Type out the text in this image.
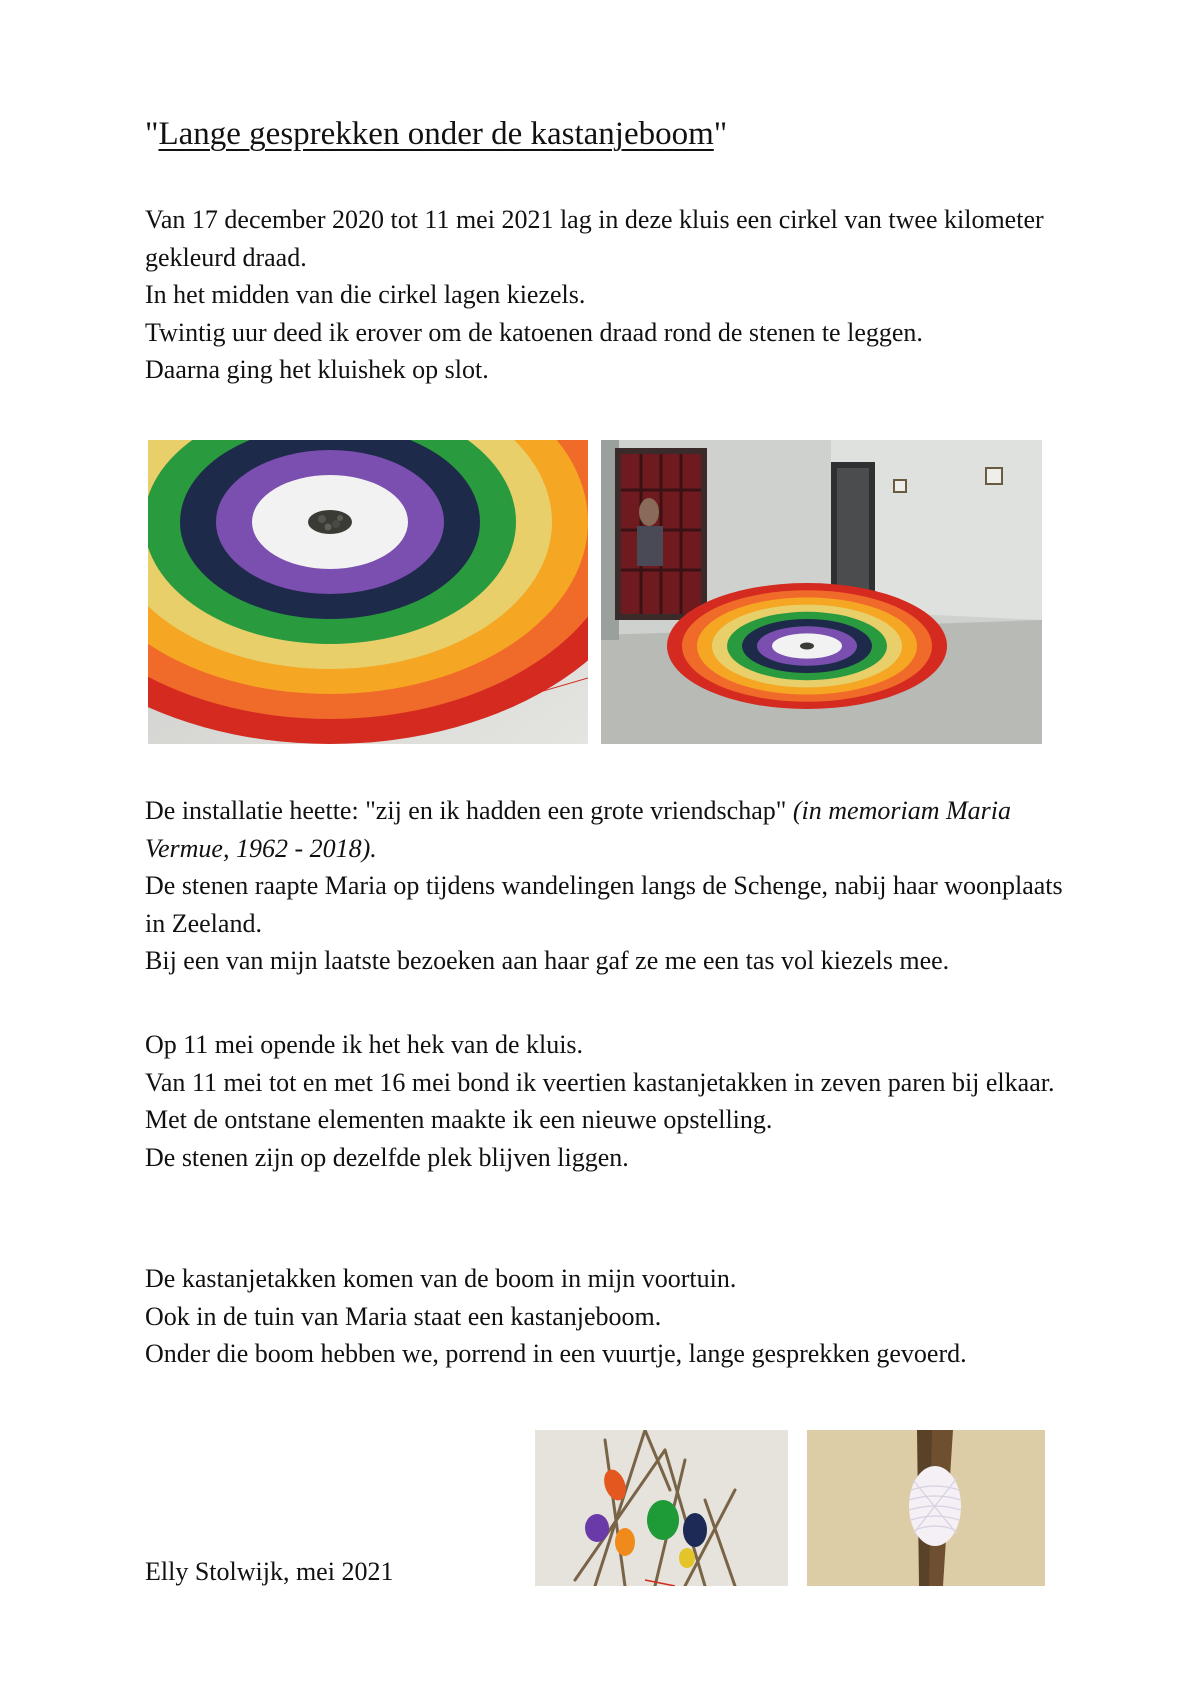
"Lange gesprekken onder de kastanjeboom"

Van 17 december 2020 tot 11 mei 2021 lag in deze kluis een cirkel van twee kilometer gekleurd draad.

In het midden van die cirkel lagen kiezels.

Twintig uur deed ik erover om de katoenen draad rond de stenen te leggen.

Daarna ging het kluishek op slot.

De installatie heette: "zij en ik hadden een grote vriendschap" (in memoriam Maria Vermue, 1962 - 2018).

De stenen raapte Maria op tijdens wandelingen langs de Schenge, nabij haar woonplaats in Zeeland.

Bij een van mijn laatste bezoeken aan haar gaf ze me een tas vol kiezels mee.

Op 11 mei opende ik het hek van de kluis.

Van 11 mei tot en met 16 mei bond ik veertien kastanjetakken in zeven paren bij elkaar.

Met de ontstane elementen maakte ik een nieuwe opstelling.

De stenen zijn op dezelfde plek blijven liggen.

De kastanjetakken komen van de boom in mijn voortuin.

Ook in de tuin van Maria staat een kastanjeboom.

Onder die boom hebben we, porrend in een vuurtje, lange gesprekken gevoerd.

Elly Stolwijk, mei 2021
